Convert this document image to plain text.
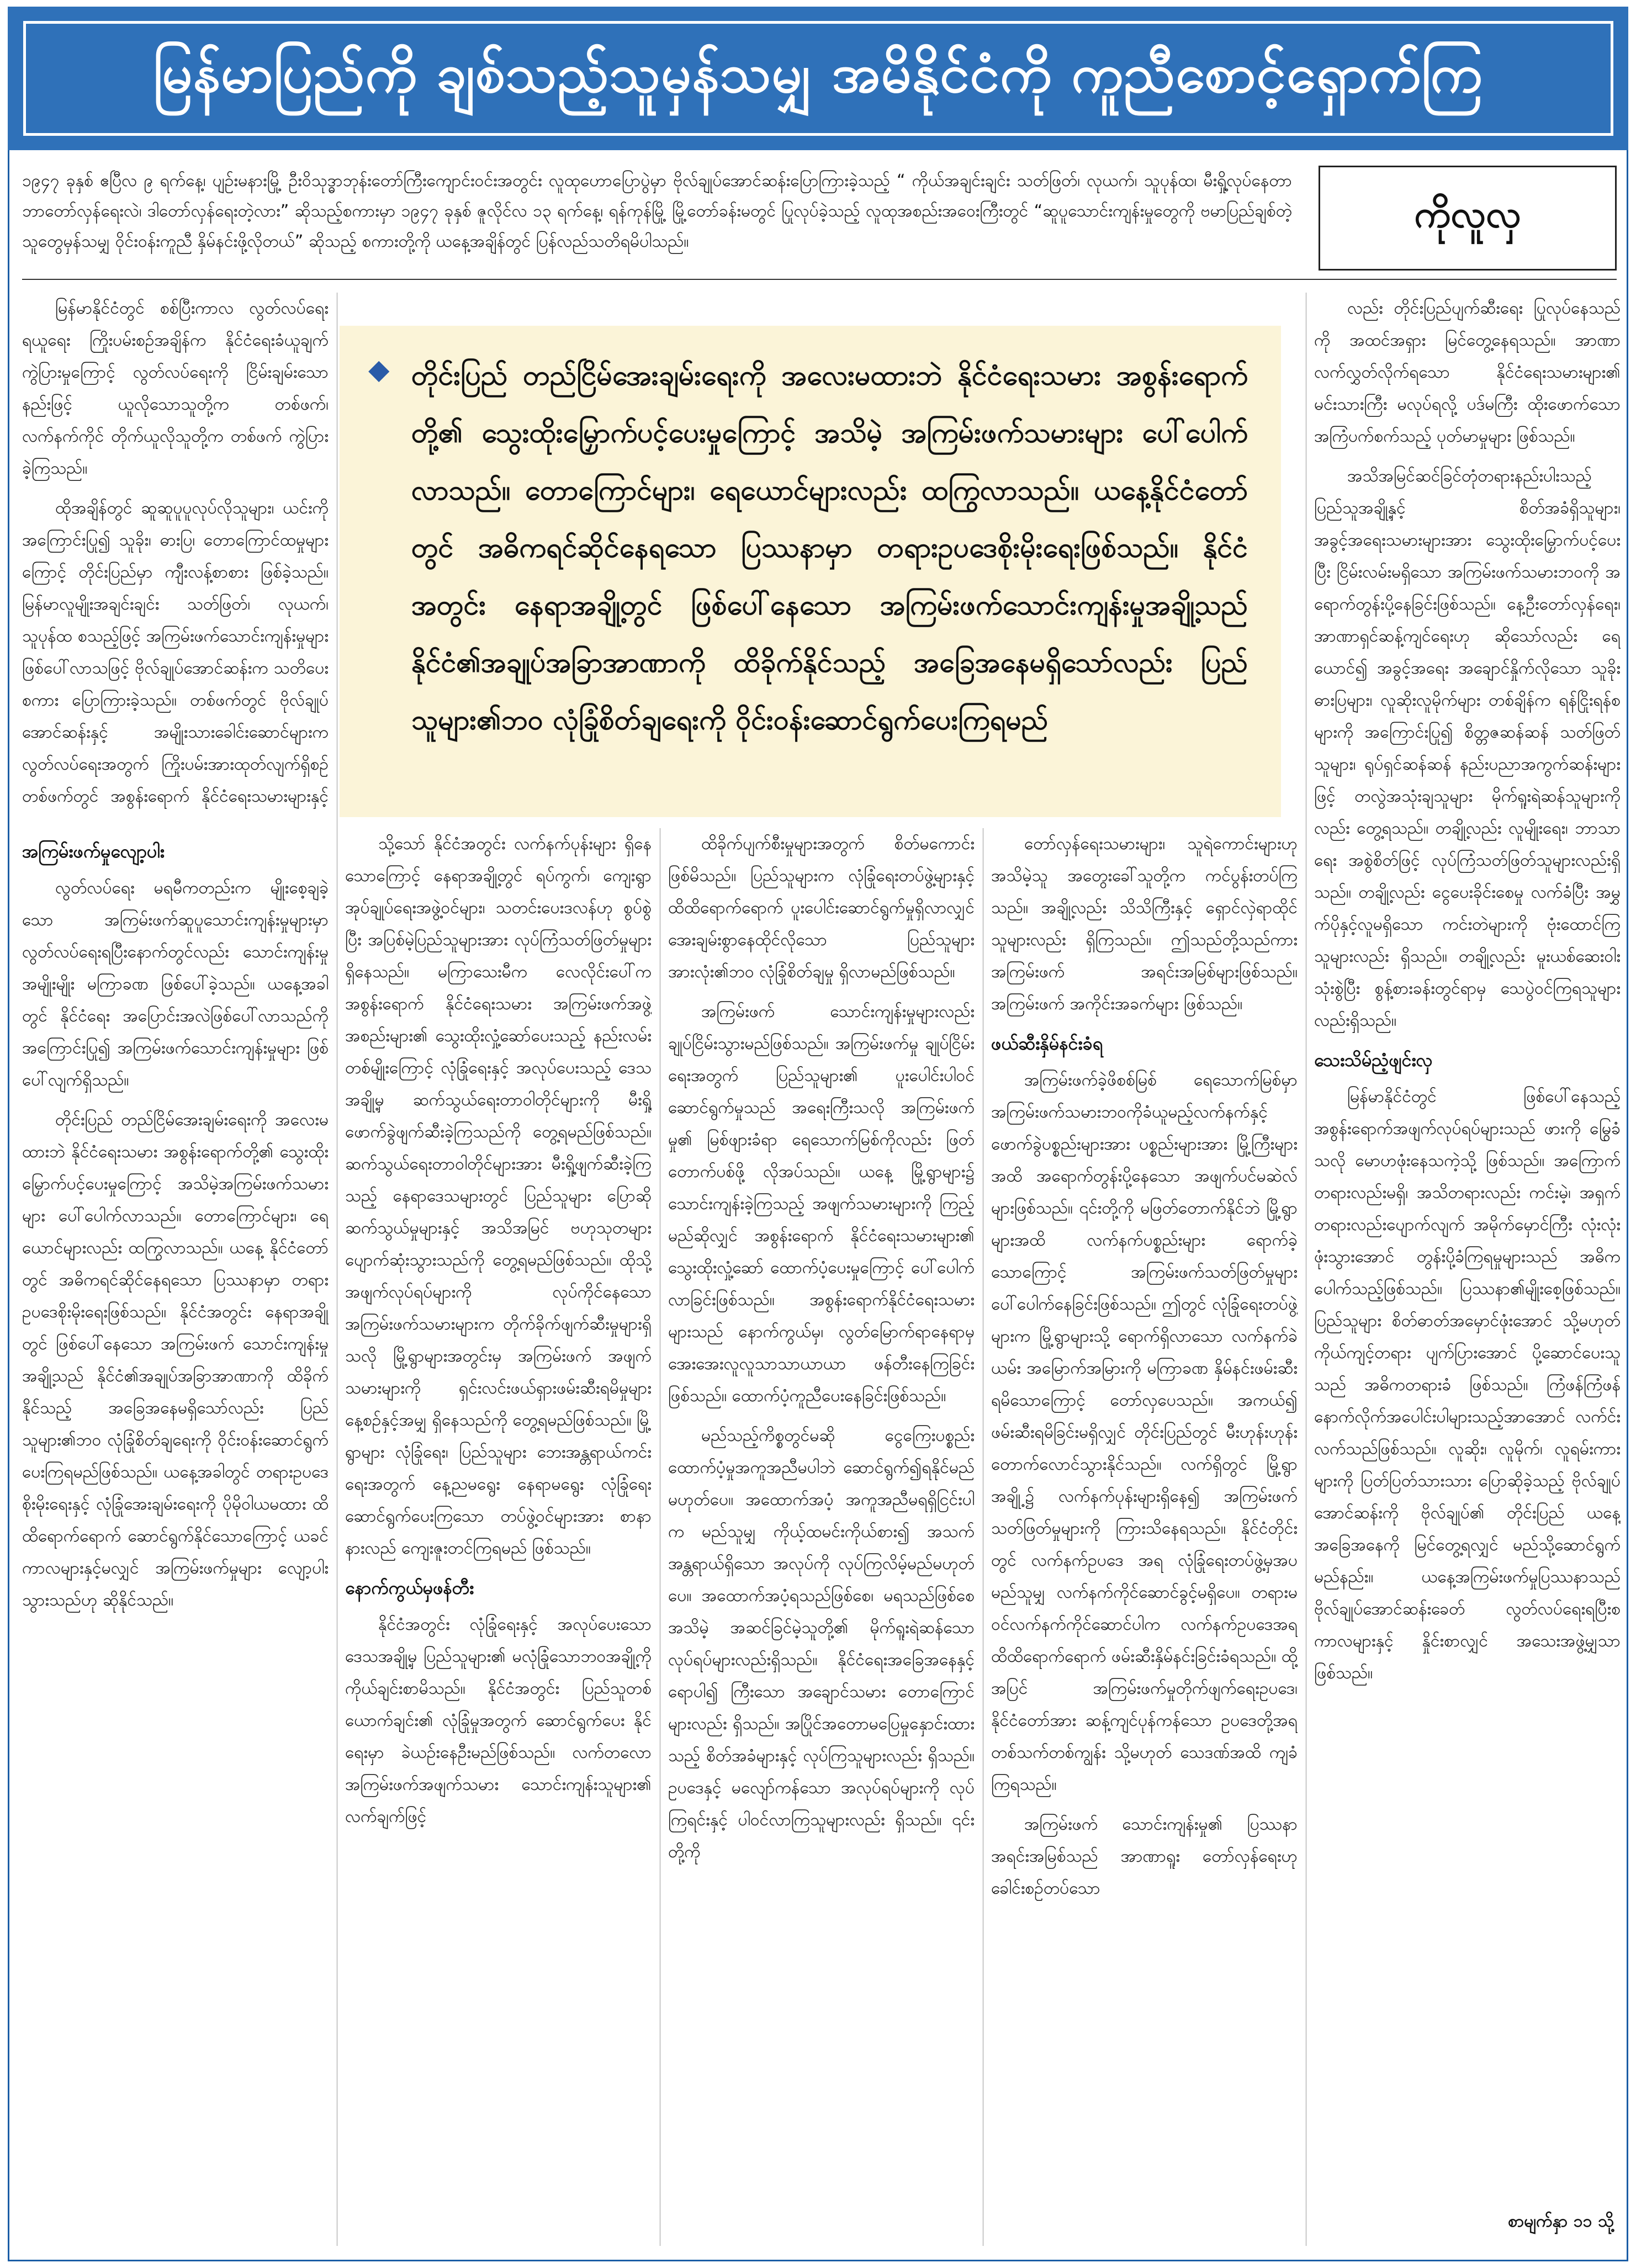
မြန်မာပြည်ကို ချစ်သည့်သူမှန်သမျှ အမိနိုင်ငံကို ကူညီစောင့်ရှောက်ကြ
၁၉၄၇ ခုနှစ် ဧပြီလ ၉ ရက်နေ့၊ ပျဉ်းမနားမြို့ ဦးဝိသုဒ္ဓာဘုန်းတော်ကြီးကျောင်းဝင်းအတွင်း လူထုဟောပြောပွဲမှာ ဗိုလ်ချုပ်အောင်ဆန်းပြောကြားခဲ့သည့် “ ကိုယ်အချင်းချင်း သတ်ဖြတ်၊ လုယက်၊ သူပုန်ထ၊ မီးရှို့လုပ်နေတာ ဘာတော်လှန်ရေးလဲ၊ ဒါတော်လှန်ရေးတဲ့လား” ဆိုသည့်စကားမှာ ၁၉၄၇ ခုနှစ် ဇူလိုင်လ ၁၃ ရက်နေ့၊ ရန်ကုန်မြို့ မြို့တော်ခန်းမတွင် ပြုလုပ်ခဲ့သည့် လူထုအစည်းအဝေးကြီးတွင် “ဆူပူသောင်းကျန်းမှုတွေကို ဗမာပြည်ချစ်တဲ့သူတွေမှန်သမျှ ဝိုင်းဝန်းကူညီ နှိမ်နင်းဖို့လိုတယ်” ဆိုသည့် စကားတို့ကို ယနေ့အချိန်တွင် ပြန်လည်သတိရမိပါသည်။
ကိုလူလှ
အကြမ်းဖက်မှုလျော့ပါး

လွတ်လပ်ရေး မရမီကတည်းက မျိုးစေ့ချခဲ့သော အကြမ်းဖက်ဆူပူသောင်းကျန်းမှုများမှာ လွတ်လပ်ရေးရပြီးနောက်တွင်လည်း သောင်းကျန်းမှုအမျိုးမျိုး မကြာခဏ ဖြစ်ပေါ်ခဲ့သည်။ ယနေ့အခါတွင် နိုင်ငံရေး အပြောင်းအလဲဖြစ်ပေါ်လာသည်ကို အကြောင်းပြု၍ အကြမ်းဖက်သောင်းကျန်းမှုများ ဖြစ်ပေါ်လျက်ရှိသည်။

တိုင်းပြည် တည်ငြိမ်အေးချမ်းရေးကို အလေးမထားဘဲ နိုင်ငံရေးသမား အစွန်းရောက်တို့၏ သွေးထိုးမြှောက်ပင့်ပေးမှုကြောင့် အသိမဲ့အကြမ်းဖက်သမားများ ပေါ်ပေါက်လာသည်။ တောကြောင်များ၊ ရေယောင်များလည်း ထကြွလာသည်။ ယနေ့ နိုင်ငံတော်တွင် အဓိကရင်ဆိုင်နေရသော ပြဿနာမှာ တရားဥပဒေစိုးမိုးရေးဖြစ်သည်။ နိုင်ငံအတွင်း နေရာအချို့တွင် ဖြစ်ပေါ်နေသော အကြမ်းဖက် သောင်းကျန်းမှုအချို့သည် နိုင်ငံ၏အချုပ်အခြာအာဏာကို ထိခိုက်နိုင်သည့် အခြေအနေမရှိသော်လည်း ပြည်သူများ၏ဘဝ လုံခြုံစိတ်ချရေးကို ဝိုင်းဝန်းဆောင်ရွက် ပေးကြရမည်ဖြစ်သည်။ ယနေ့အခါတွင် တရားဥပဒေစိုးမိုးရေးနှင့် လုံခြုံအေးချမ်းရေးကို ပိုမိုဝါယမထား ထိထိရောက်ရောက် ဆောင်ရွက်နိုင်သောကြောင့် ယခင်ကာလများနှင့်မလျှင် အကြမ်းဖက်မှုများ လျော့ပါးသွားသည်ဟု ဆိုနိုင်သည်။

မြန်မာနိုင်ငံတွင် စစ်ပြီးကာလ လွတ်လပ်ရေးရယူရေး ကြိုးပမ်းစဉ်အချိန်က နိုင်ငံရေးခံယူချက် ကွဲပြားမှုကြောင့် လွတ်လပ်ရေးကို ငြိမ်းချမ်းသောနည်းဖြင့် ယူလိုသောသူတို့က တစ်ဖက်၊ လက်နက်ကိုင် တိုက်ယူလိုသူတို့က တစ်ဖက် ကွဲပြားခဲ့ကြသည်။

ထိုအချိန်တွင် ဆူဆူပူပူလုပ်လိုသူများ၊ ယင်းကိုအကြောင်းပြု၍ သူခိုး၊ ဓားပြ၊ တောကြောင်ထမှုများကြောင့် တိုင်းပြည်မှာ ကျီးလန့်စာစား ဖြစ်ခဲ့သည်။ မြန်မာလူမျိုးအချင်းချင်း သတ်ဖြတ်၊ လုယက်၊ သူပုန်ထ စသည့်ဖြင့် အကြမ်းဖက်သောင်းကျန်းမှုများ ဖြစ်ပေါ်လာသဖြင့် ဗိုလ်ချုပ်အောင်ဆန်းက သတိပေးစကား ပြောကြားခဲ့သည်။ တစ်ဖက်တွင် ဗိုလ်ချုပ်အောင်ဆန်းနှင့် အမျိုးသားခေါင်းဆောင်များက လွတ်လပ်ရေးအတွက် ကြိုးပမ်းအားထုတ်လျက်ရှိစဉ် တစ်ဖက်တွင် အစွန်းရောက် နိုင်ငံရေးသမားများနှင့်

သို့သော် နိုင်ငံအတွင်း လက်နက်ပုန်းများ ရှိနေသောကြောင့် နေရာအချို့တွင် ရပ်ကွက်၊ ကျေးရွာအုပ်ချုပ်ရေးအဖွဲ့ဝင်များ၊ သတင်းပေးဒလန်ဟု စွပ်စွဲပြီး အပြစ်မဲ့ပြည်သူများအား လုပ်ကြံသတ်ဖြတ်မှုများ ရှိနေသည်။ မကြာသေးမီက လေလိုင်းပေါ်က အစွန်းရောက် နိုင်ငံရေးသမား အကြမ်းဖက်အဖွဲ့အစည်းများ၏ သွေးထိုးလှုံ့ဆော်ပေးသည့် နည်းလမ်းတစ်မျိုးကြောင့် လုံခြုံရေးနှင့် အလုပ်ပေးသည့် ဒေသအချို့မှ ဆက်သွယ်ရေးတာဝါတိုင်များကို မီးရှို့ဖောက်ခွဲဖျက်ဆီးခဲ့ကြသည်ကို တွေ့ရမည်ဖြစ်သည်။ ဆက်သွယ်ရေးတာဝါတိုင်များအား မီးရှို့ဖျက်ဆီးခဲ့ကြသည့် နေရာဒေသများတွင် ပြည်သူများ ပြောဆိုဆက်သွယ်မှုများနှင့် အသိအမြင် ဗဟုသုတများ ပျောက်ဆုံးသွားသည်ကို တွေ့ရမည်ဖြစ်သည်။ ထိုသို့ အဖျက်လုပ်ရပ်များကို လုပ်ကိုင်နေသော အကြမ်းဖက်သမားများက တိုက်ခိုက်ဖျက်ဆီးမှုများရှိသလို မြို့ရွာများအတွင်းမှ အကြမ်းဖက် အဖျက်သမားများကို ရှင်းလင်းဖယ်ရှားဖမ်းဆီးရမိမှုများ နေ့စဉ်နှင့်အမျှ ရှိနေသည်ကို တွေ့ရမည်ဖြစ်သည်။ မြို့ရွာများ လုံခြုံရေး၊ ပြည်သူများ ဘေးအန္တရာယ်ကင်းရေးအတွက် နေ့ညမရွေး နေရာမရွေး လုံခြုံရေးဆောင်ရွက်ပေးကြသော တပ်ဖွဲ့ဝင်များအား စာနာနားလည် ကျေးဇူးတင်ကြရမည် ဖြစ်သည်။

နောက်ကွယ်မှဖန်တီး

နိုင်ငံအတွင်း လုံခြုံရေးနှင့် အလုပ်ပေးသော ဒေသအချို့မှ ပြည်သူများ၏ မလုံခြုံသောဘဝအချို့ကို ကိုယ်ချင်းစာမိသည်။ နိုင်ငံအတွင်း ပြည်သူတစ်ယောက်ချင်း၏ လုံခြုံမှုအတွက် ဆောင်ရွက်ပေး နိုင်ရေးမှာ ခဲယဉ်းနေဦးမည်ဖြစ်သည်။ လက်တလောအကြမ်းဖက်အဖျက်သမား သောင်းကျန်းသူများ၏ လက်ချက်ဖြင့်

ထိခိုက်ပျက်စီးမှုများအတွက် စိတ်မကောင်း ဖြစ်မိသည်။ ပြည်သူများက လုံခြုံရေးတပ်ဖွဲ့များနှင့် ထိထိရောက်ရောက် ပူးပေါင်းဆောင်ရွက်မှုရှိလာလျှင် အေးချမ်းစွာနေထိုင်လိုသော ပြည်သူများအားလုံး၏ဘဝ လုံခြုံစိတ်ချမှု ရှိလာမည်ဖြစ်သည်။

အကြမ်းဖက် သောင်းကျန်းမှုများလည်း ချုပ်ငြိမ်းသွားမည်ဖြစ်သည်။ အကြမ်းဖက်မှု ချုပ်ငြိမ်းရေးအတွက် ပြည်သူများ၏ ပူးပေါင်းပါဝင် ဆောင်ရွက်မှုသည် အရေးကြီးသလို အကြမ်းဖက်မှု၏ မြစ်ဖျားခံရာ ရေသောက်မြစ်ကိုလည်း ဖြတ်တောက်ပစ်ဖို့ လိုအပ်သည်။ ယနေ့ မြို့ရွာများ၌ သောင်းကျန်းခဲ့ကြသည့် အဖျက်သမားများကို ကြည့်မည်ဆိုလျှင် အစွန်းရောက် နိုင်ငံရေးသမားများ၏ သွေးထိုးလှုံ့ဆော် ထောက်ပံ့ပေးမှုကြောင့် ပေါ်ပေါက်လာခြင်းဖြစ်သည်။ အစွန်းရောက်နိုင်ငံရေးသမားများသည် နောက်ကွယ်မှ၊ လွတ်မြောက်ရာနေရာမှ အေးအေးလူလူသာသာယာယာ ဖန်တီးနေကြခြင်းဖြစ်သည်။ ထောက်ပံ့ကူညီပေးနေခြင်းဖြစ်သည်။

မည်သည့်ကိစ္စတွင်မဆို ငွေကြေးပစ္စည်း ထောက်ပံ့မှုအကူအညီမပါဘဲ ဆောင်ရွက်၍ရနိုင်မည် မဟုတ်ပေ။ အထောက်အပံ့ အကူအညီမရရှိငြင်းပါက မည်သူမျှ ကိုယ့်ထမင်းကိုယ်စား၍ အသက်အန္တရာယ်ရှိသော အလုပ်ကို လုပ်ကြလိမ့်မည်မဟုတ်ပေ။ အထောက်အပံ့ရသည်ဖြစ်စေ၊ မရသည်ဖြစ်စေ အသိမဲ့ အဆင်ခြင်မဲ့သူတို့၏ မိုက်ရူးရဲဆန်သော လုပ်ရပ်များလည်းရှိသည်။ နိုင်ငံရေးအခြေအနေနှင့် ရောပါ၍ ကြီးသော အချောင်သမား တောကြောင်များလည်း ရှိသည်။ အပြိုင်အတောမပြေမှုနှောင်းထားသည့် စိတ်အခံများနှင့် လုပ်ကြသူများလည်း ရှိသည်။ ဥပဒေနှင့် မလျော်ကန်သော အလုပ်ရပ်များကို လုပ်ကြရင်းနှင့် ပါဝင်လာကြသူများလည်း ရှိသည်။ ၎င်းတို့ကို

တော်လှန်ရေးသမားများ၊ သူရဲကောင်းများဟု အသိမဲ့သူ အတွေးခေါ်သူတို့က ကင်ပွန်းတပ်ကြသည်။ အချို့လည်း သိသိကြီးနှင့် ရှောင်လှဲရာထိုင်သူများလည်း ရှိကြသည်။ ဤသည်တို့သည်ကား အကြမ်းဖက် အရင်းအမြစ်များဖြစ်သည်။ အကြမ်းဖက် အကိုင်းအခက်များ ဖြစ်သည်။

ဖယ်ဆီးနှိမ်နင်းခံရ

အကြမ်းဖက်ခဲ့ဖိစစ်မြစ် ရေသောက်မြစ်မှာ အကြမ်းဖက်သမားဘဝကိုခံယူမည့်လက်နက်နှင့် ဖောက်ခွဲပစ္စည်းများအား ပစ္စည်းများအား မြို့ကြီးများအထိ အရောက်တွန်းပို့နေသော အဖျက်ပင်မဆဲလ်များဖြစ်သည်။ ၎င်းတို့ကို မဖြတ်တောက်နိုင်ဘဲ မြို့ရွာများအထိ လက်နက်ပစ္စည်းများ ရောက်ခဲ့သောကြောင့် အကြမ်းဖက်သတ်ဖြတ်မှုများ ပေါ်ပေါက်နေခြင်းဖြစ်သည်။ ဤတွင် လုံခြုံရေးတပ်ဖွဲ့များက မြို့ရွာများသို့ ရောက်ရှိလာသော လက်နက်ခဲယမ်း အမြောက်အမြားကို မကြာခဏ နှိမ်နင်းဖမ်းဆီးရမိသောကြောင့် တော်လှပေသည်။ အကယ်၍ ဖမ်းဆီးရမိခြင်းမရှိလျှင် တိုင်းပြည်တွင် မီးဟုန်းဟုန်း တောက်လောင်သွားနိုင်သည်။ လက်ရှိတွင် မြို့ရွာအချို့၌ လက်နက်ပုန်းများရှိနေ၍ အကြမ်းဖက်သတ်ဖြတ်မှုများကို ကြားသိနေရသည်။ နိုင်ငံတိုင်းတွင် လက်နက်ဥပဒေ အရ လုံခြုံရေးတပ်ဖွဲ့မှအပ မည်သူမျှ လက်နက်ကိုင်ဆောင်ခွင့်မရှိပေ။ တရားမဝင်လက်နက်ကိုင်ဆောင်ပါက လက်နက်ဥပဒေအရ ထိထိရောက်ရောက် ဖမ်းဆီးနှိမ်နင်းခြင်းခံရသည်။ ထို့အပြင် အကြမ်းဖက်မှုတိုက်ဖျက်ရေးဥပဒေ၊ နိုင်ငံတော်အား ဆန့်ကျင်ပုန်ကန်သော ဥပဒေတို့အရ တစ်သက်တစ်ကျွန်း သို့မဟုတ် သေဒဏ်အထိ ကျခံကြရသည်။

အကြမ်းဖက် သောင်းကျန်းမှု၏ ပြဿနာအရင်းအမြစ်သည် အာဏာရူး တော်လှန်ရေးဟု ခေါင်းစဉ်တပ်သော

လည်း တိုင်းပြည်ပျက်ဆီးရေး ပြုလုပ်နေသည်ကို အထင်အရှား မြင်တွေ့နေရသည်။ အာဏာလက်လွှတ်လိုက်ရသော နိုင်ငံရေးသမားများ၏ မင်းသားကြီး မလုပ်ရလို့ ပဒ်မကြီး ထိုးဖောက်သော အကြံပက်စက်သည့် ပုတ်မာမှုများ ဖြစ်သည်။

အသိအမြင်ဆင်ခြင်တုံတရားနည်းပါးသည့် ပြည်သူအချို့နှင့် စိတ်အခံရှိသူများ၊ အခွင့်အရေးသမားများအား သွေးထိုးမြှောက်ပင့်ပေးပြီး ငြိမ်းလမ်းမရှိသော အကြမ်းဖက်သမားဘဝကို အရောက်တွန်းပို့နေခြင်းဖြစ်သည်။ နေ့ဦးတော်လှန်ရေး၊ အာဏာရှင်ဆန့်ကျင်ရေးဟု ဆိုသော်လည်း ရေယောင်၍ အခွင့်အရေး အချောင်နှိုက်လိုသော သူခိုးဓားပြများ၊ လူဆိုးလူမိုက်များ တစ်ချိန်က ရန်ငြိုးရန်စများကို အကြောင်းပြု၍ စိတ္တဇဆန်ဆန် သတ်ဖြတ်သူများ၊ ရုပ်ရှင်ဆန်ဆန် နည်းပညာအကွက်ဆန်းများဖြင့် တလွဲအသုံးချသူများ မိုက်ရူးရဲဆန်သူများကိုလည်း တွေ့ရသည်။ တချို့လည်း လူမျိုးရေး၊ ဘာသာရေး အစွဲစိတ်ဖြင့် လုပ်ကြံသတ်ဖြတ်သူများလည်းရှိသည်။ တချို့လည်း ငွေပေးခိုင်းစေမှု လက်ခံပြီး အမွှက်ပိုနှင့်လူမရှိသော ကင်းတဲများကို ဗုံးထောင်ကြသူများလည်း ရှိသည်။ တချို့လည်း မူးယစ်ဆေးဝါးသုံးစွဲပြီး စွန့်စားခန်းတွင်ရာမှ သေပွဲဝင်ကြရသူများ လည်းရှိသည်။

သေးသိမ်ညံ့ဖျင်းလှ

မြန်မာနိုင်ငံတွင် ဖြစ်ပေါ်နေသည့် အစွန်းရောက်အဖျက်လုပ်ရပ်များသည် ဖားကို မြွေခံသလို မောဟဖုံးနေသကဲ့သို့ ဖြစ်သည်။ အကြောက်တရားလည်းမရှိ၊ အသိတရားလည်း ကင်းမဲ့၊ အရှက်တရားလည်းပျောက်လျက် အမိုက်မှောင်ကြီး လုံးလုံးဖုံးသွားအောင် တွန်းပို့ခံကြရမှုများသည် အဓိကပေါက်သည့်ဖြစ်သည်။ ပြဿနာ၏မျိုးစေ့ဖြစ်သည်။ ပြည်သူများ စိတ်ဓာတ်အမှောင်ဖုံးအောင် သို့မဟုတ် ကိုယ်ကျင့်တရား ပျက်ပြားအောင် ပို့ဆောင်ပေးသူသည် အဓိကတရားခံ ဖြစ်သည်။ ကြံဖန်ကြံဖန် နောက်လိုက်အပေါင်းပါများသည့်အာအောင် လက်င်းလက်သည်ဖြစ်သည်။ လူဆိုး၊ လူမိုက်၊ လူရမ်းကားများကို ပြတ်ပြတ်သားသား ပြောဆိုခဲ့သည့် ဗိုလ်ချုပ်အောင်ဆန်းကို ဗိုလ်ချုပ်၏ တိုင်းပြည် ယနေ့အခြေအနေကို မြင်တွေ့ရလျှင် မည်သို့ဆောင်ရွက်မည်နည်း။ ယနေ့အကြမ်းဖက်မှုပြဿနာသည် ဗိုလ်ချုပ်အောင်ဆန်းခေတ် လွတ်လပ်ရေးရပြီးစ ကာလများနှင့် နှိုင်းစာလျှင် အသေးအဖွဲ့မျှသာဖြစ်သည်။

◆ တိုင်းပြည် တည်ငြိမ်အေးချမ်းရေးကို အလေးမထားဘဲ နိုင်ငံရေးသမား အစွန်းရောက်တို့၏ သွေးထိုးမြှောက်ပင့်ပေးမှုကြောင့် အသိမဲ့ အကြမ်းဖက်သမားများ ပေါ်ပေါက်လာသည်။ တောကြောင်များ၊ ရေယောင်များလည်း ထကြွလာသည်။ ယနေ့နိုင်ငံတော်တွင် အဓိကရင်ဆိုင်နေရသော ပြဿနာမှာ တရားဥပဒေစိုးမိုးရေးဖြစ်သည်။ နိုင်ငံအတွင်း နေရာအချို့တွင် ဖြစ်ပေါ်နေသော အကြမ်းဖက်သောင်းကျန်းမှုအချို့သည် နိုင်ငံ၏အချုပ်အခြာအာဏာကို ထိခိုက်နိုင်သည့် အခြေအနေမရှိသော်လည်း ပြည်သူများ၏ဘဝ လုံခြုံစိတ်ချရေးကို ဝိုင်းဝန်းဆောင်ရွက်ပေးကြရမည်
စာမျက်နှာ ၁၁ သို့
